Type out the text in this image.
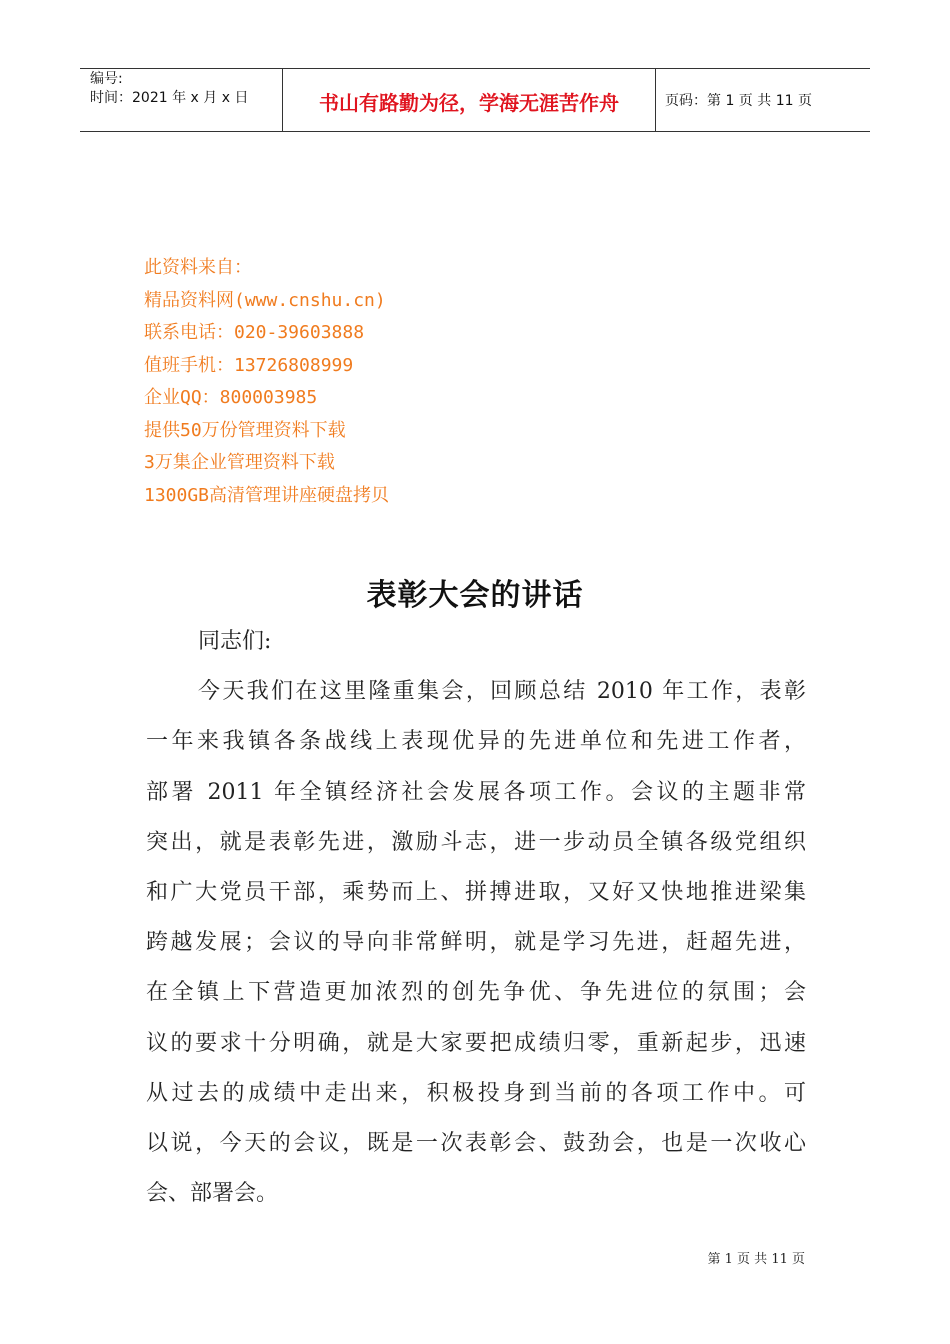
编号:
时间：2021 年 x 月 x 日	书山有路勤为径，学海无涯苦作舟	页码：第 1 页 共 11 页
此资料来自：
精品资料网(www.cnshu.cn)
联系电话：020-39603888
值班手机：13726808999
企业QQ：800003985
提供50万份管理资料下载
3万集企业管理资料下载
1300GB高清管理讲座硬盘拷贝
表彰大会的讲话
同志们:
今天我们在这里隆重集会，回顾总结 2010 年工作，表彰
一年来我镇各条战线上表现优异的先进单位和先进工作者，
部署 2011 年全镇经济社会发展各项工作。会议的主题非常
突出，就是表彰先进，激励斗志，进一步动员全镇各级党组织
和广大党员干部，乘势而上、拼搏进取，又好又快地推进梁集
跨越发展；会议的导向非常鲜明，就是学习先进，赶超先进，
在全镇上下营造更加浓烈的创先争优、争先进位的氛围；会
议的要求十分明确，就是大家要把成绩归零，重新起步，迅速
从过去的成绩中走出来，积极投身到当前的各项工作中。可
以说，今天的会议，既是一次表彰会、鼓劲会，也是一次收心
会、部署会。
第 1 页 共 11 页
